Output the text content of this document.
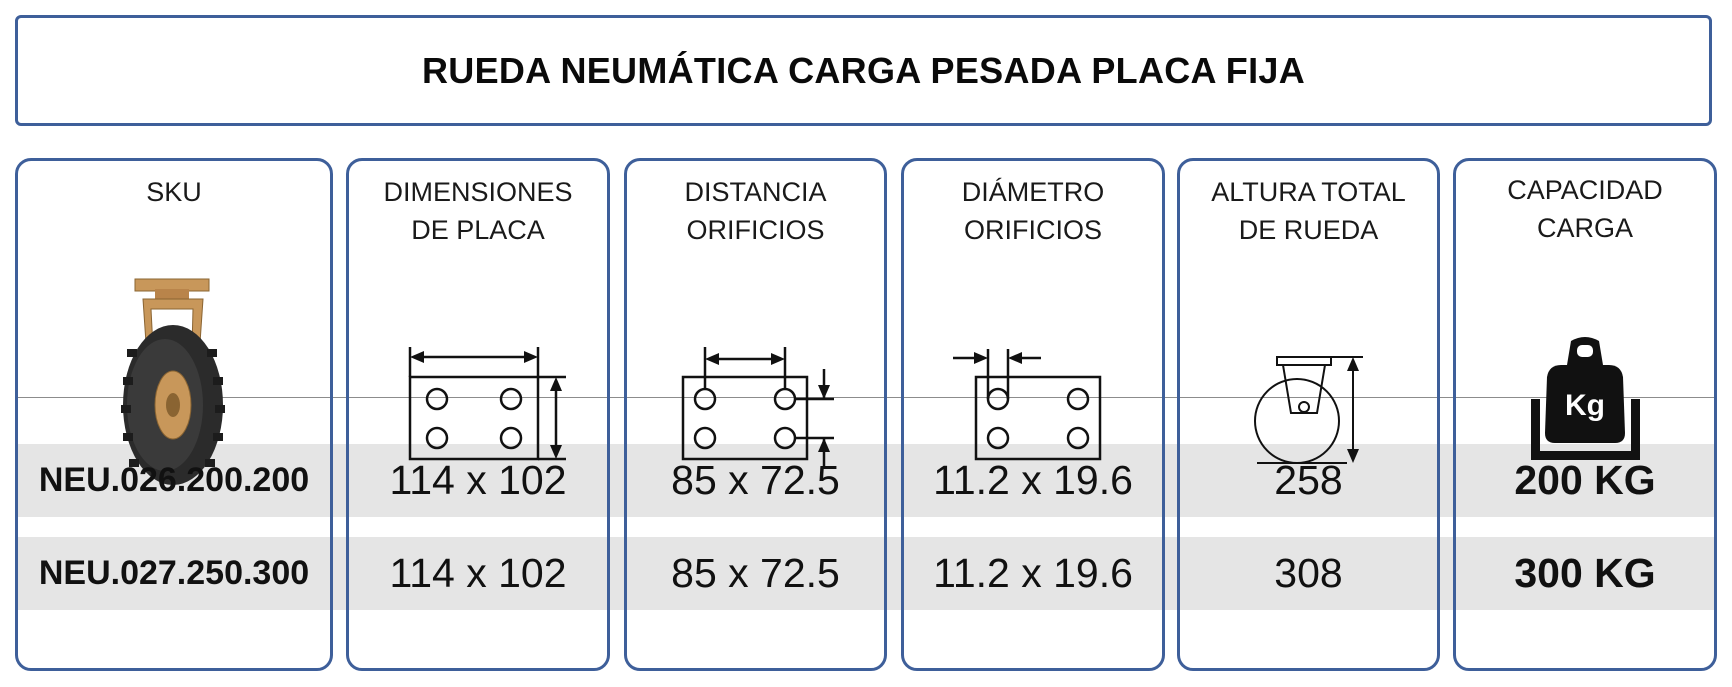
RUEDA NEUMÁTICA CARGA PESADA PLACA FIJA
SKU
NEU.026.200.200
NEU.027.250.300
DIMENSIONES
DE PLACA
114 x 102
114 x 102
DISTANCIA
ORIFICIOS
85 x 72.5
85 x 72.5
DIÁMETRO
ORIFICIOS
11.2 x 19.6
11.2 x 19.6
ALTURA TOTAL
DE RUEDA
258
308
CAPACIDAD
CARGA
Kg
200 KG
300 KG
